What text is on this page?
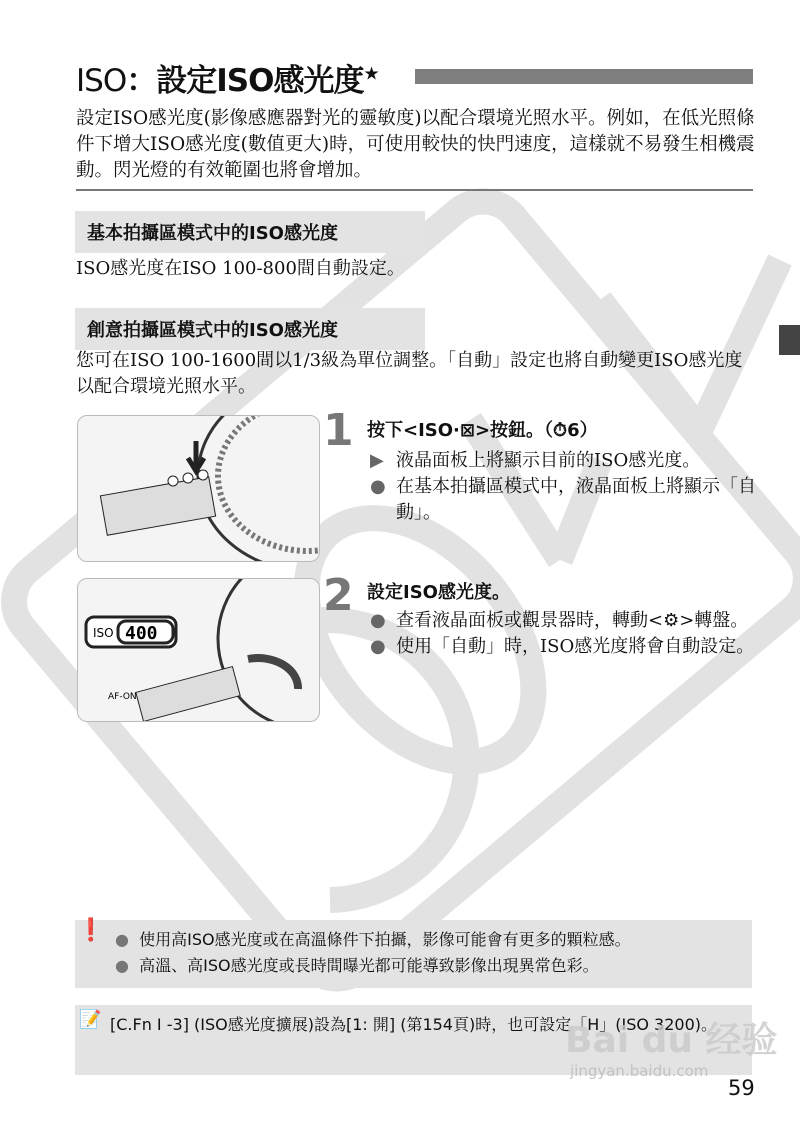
ISO：設定ISO感光度★
設定ISO感光度(影像感應器對光的靈敏度)以配合環境光照水平。例如，在低光照條件下增大ISO感光度(數值更大)時，可使用較快的快門速度，這樣就不易發生相機震動。閃光燈的有效範圍也將會增加。
基本拍攝區模式中的ISO感光度
ISO感光度在ISO 100-800間自動設定。
創意拍攝區模式中的ISO感光度
您可在ISO 100-1600間以1/3級為單位調整。「自動」設定也將自動變更ISO感光度以配合環境光照水平。
ISO 400
AF-ON
1 按下<ISO·⊠>按鈕。（⏱6）
▶ 液晶面板上將顯示目前的ISO感光度。
● 在基本拍攝區模式中，液晶面板上將顯示「自動」。
2 設定ISO感光度。
● 查看液晶面板或觀景器時，轉動<⚙>轉盤。
● 使用「自動」時，ISO感光度將會自動設定。
❗ ● 使用高ISO感光度或在高溫條件下拍攝，影像可能會有更多的顆粒感。
● 高溫、高ISO感光度或長時間曝光都可能導致影像出現異常色彩。
📝 [C.Fn I -3] (ISO感光度擴展)設為[1: 開] (第154頁)時，也可設定「H」(ISO 3200)。
59
Bai du 经验
jingyan.baidu.com
